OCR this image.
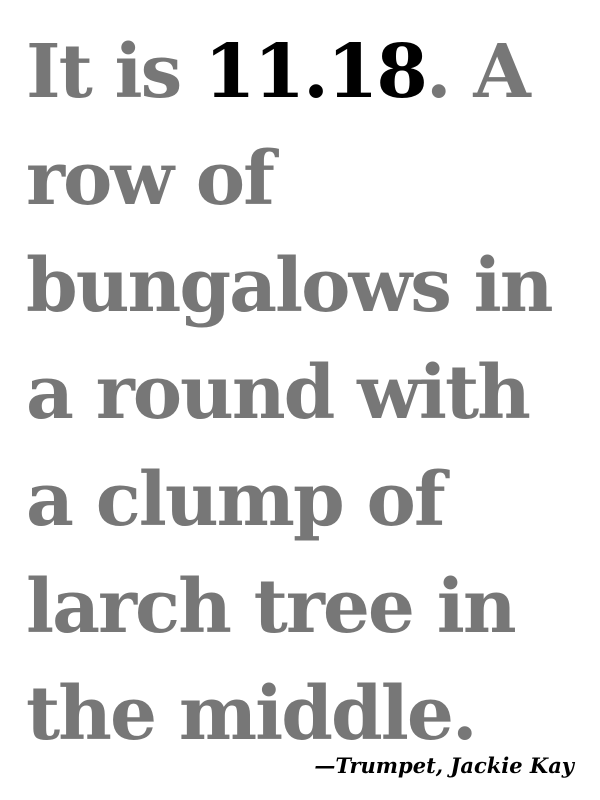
It is 11.18. A row of bungalows in a round with a clump of larch tree in the middle.

—Trumpet, Jackie Kay
